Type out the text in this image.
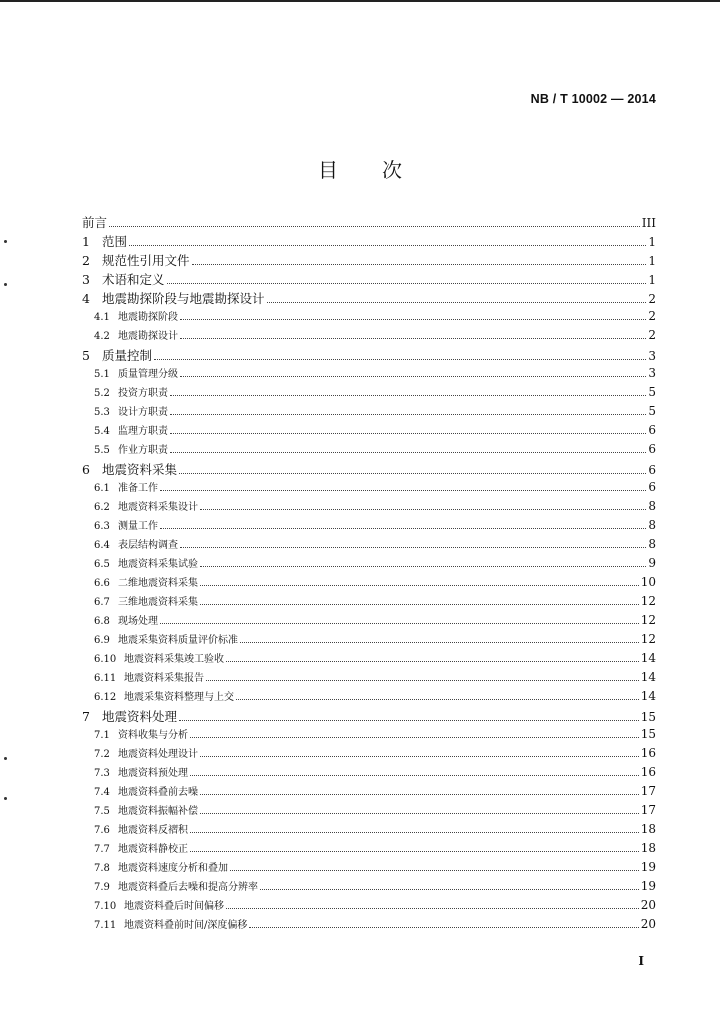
NB / T 10002 — 2014
目 次
前言	III
1 范围	1
2 规范性引用文件	1
3 术语和定义	1
4 地震勘探阶段与地震勘探设计	2
4.1 地震勘探阶段	2
4.2 地震勘探设计	2
5 质量控制	3
5.1 质量管理分级	3
5.2 投资方职责	5
5.3 设计方职责	5
5.4 监理方职责	6
5.5 作业方职责	6
6 地震资料采集	6
6.1 准备工作	6
6.2 地震资料采集设计	8
6.3 测量工作	8
6.4 表层结构调查	8
6.5 地震资料采集试验	9
6.6 二维地震资料采集	10
6.7 三维地震资料采集	12
6.8 现场处理	12
6.9 地震采集资料质量评价标准	12
6.10 地震资料采集竣工验收	14
6.11 地震资料采集报告	14
6.12 地震采集资料整理与上交	14
7 地震资料处理	15
7.1 资料收集与分析	15
7.2 地震资料处理设计	16
7.3 地震资料预处理	16
7.4 地震资料叠前去噪	17
7.5 地震资料振幅补偿	17
7.6 地震资料反褶积	18
7.7 地震资料静校正	18
7.8 地震资料速度分析和叠加	19
7.9 地震资料叠后去噪和提高分辨率	19
7.10 地震资料叠后时间偏移	20
7.11 地震资料叠前时间/深度偏移	20
I
